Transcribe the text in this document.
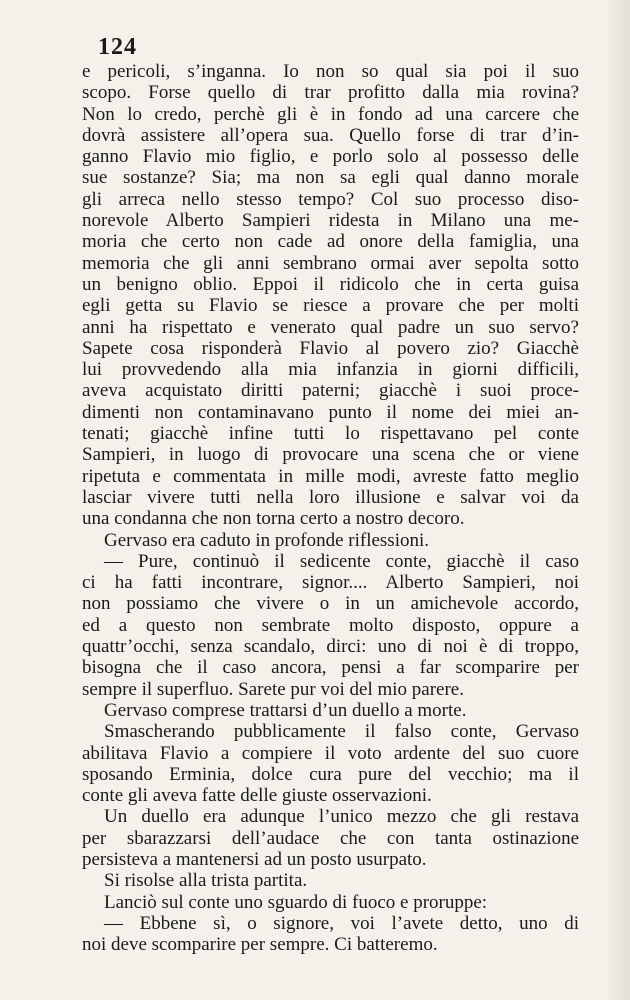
124
e pericoli, s’inganna. Io non so qual sia poi il suo
scopo. Forse quello di trar profitto dalla mia rovina?
Non lo credo, perchè gli è in fondo ad una carcere che
dovrà assistere all’opera sua. Quello forse di trar d’in-
ganno Flavio mio figlio, e porlo solo al possesso delle
sue sostanze? Sia; ma non sa egli qual danno morale
gli arreca nello stesso tempo? Col suo processo diso-
norevole Alberto Sampieri ridesta in Milano una me-
moria che certo non cade ad onore della famiglia, una
memoria che gli anni sembrano ormai aver sepolta sotto
un benigno oblio. Eppoi il ridicolo che in certa guisa
egli getta su Flavio se riesce a provare che per molti
anni ha rispettato e venerato qual padre un suo servo?
Sapete cosa risponderà Flavio al povero zio? Giacchè
lui provvedendo alla mia infanzia in giorni difficili,
aveva acquistato diritti paterni; giacchè i suoi proce-
dimenti non contaminavano punto il nome dei miei an-
tenati; giacchè infine tutti lo rispettavano pel conte
Sampieri, in luogo di provocare una scena che or viene
ripetuta e commentata in mille modi, avreste fatto meglio
lasciar vivere tutti nella loro illusione e salvar voi da
una condanna che non torna certo a nostro decoro.
Gervaso era caduto in profonde riflessioni.
— Pure, continuò il sedicente conte, giacchè il caso
ci ha fatti incontrare, signor.... Alberto Sampieri, noi
non possiamo che vivere o in un amichevole accordo,
ed a questo non sembrate molto disposto, oppure a
quattr’occhi, senza scandalo, dirci: uno di noi è di troppo,
bisogna che il caso ancora, pensi a far scomparire per
sempre il superfluo. Sarete pur voi del mio parere.
Gervaso comprese trattarsi d’un duello a morte.
Smascherando pubblicamente il falso conte, Gervaso
abilitava Flavio a compiere il voto ardente del suo cuore
sposando Erminia, dolce cura pure del vecchio; ma il
conte gli aveva fatte delle giuste osservazioni.
Un duello era adunque l’unico mezzo che gli restava
per sbarazzarsi dell’audace che con tanta ostinazione
persisteva a mantenersi ad un posto usurpato.
Si risolse alla trista partita.
Lanciò sul conte uno sguardo di fuoco e proruppe:
— Ebbene sì, o signore, voi l’avete detto, uno di
noi deve scomparire per sempre. Ci batteremo.
